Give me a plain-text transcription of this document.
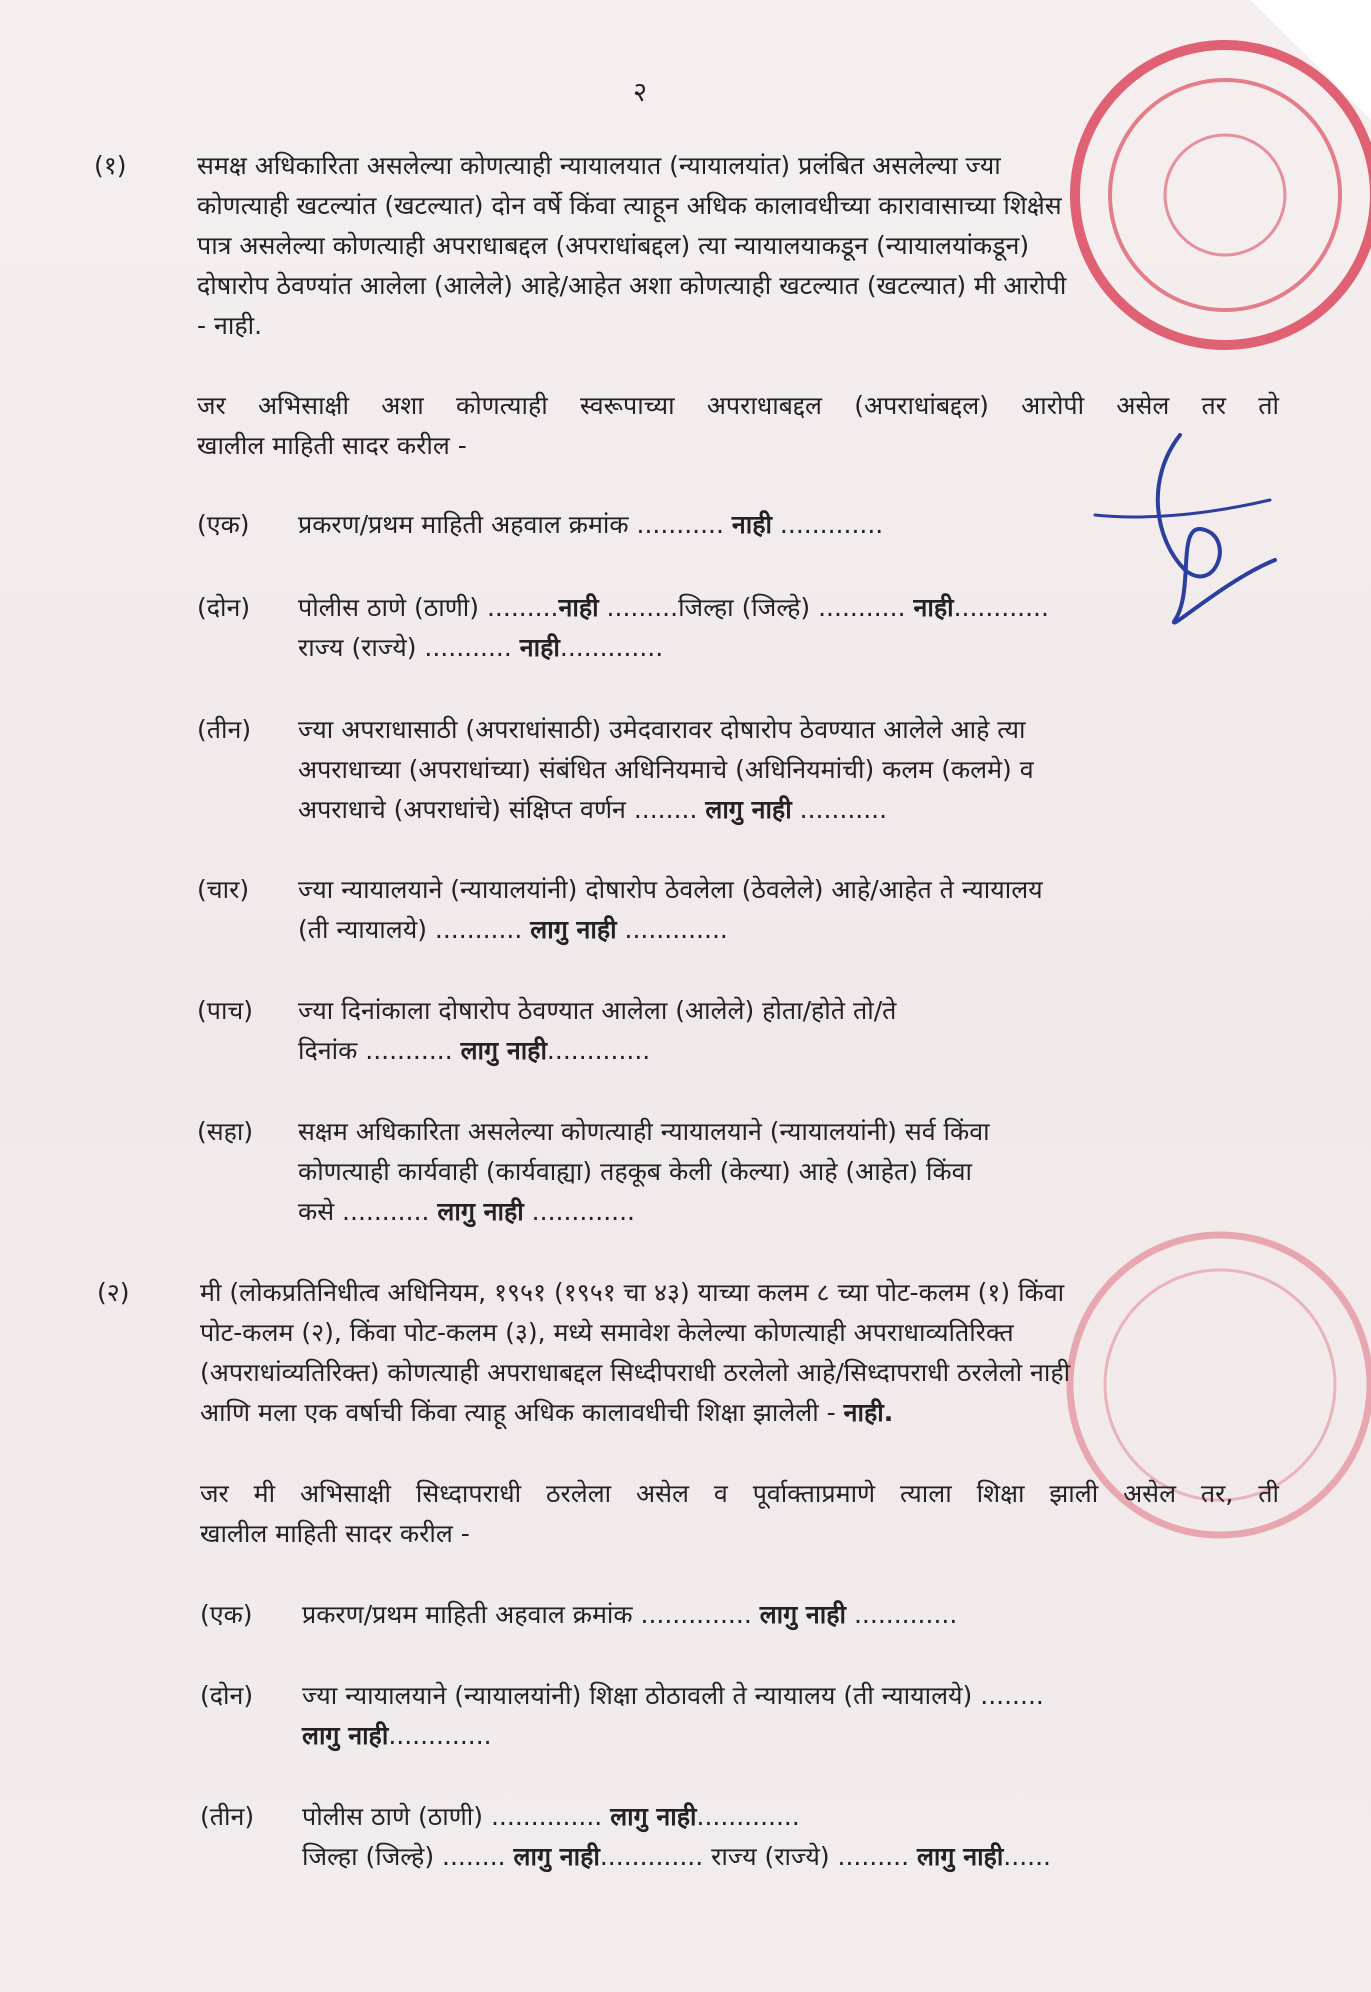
२
(१)	समक्ष अधिकारिता असलेल्या कोणत्याही न्यायालयात (न्यायालयांत) प्रलंबित असलेल्या ज्या
कोणत्याही खटल्यांत (खटल्यात) दोन वर्षे किंवा त्याहून अधिक कालावधीच्या कारावासाच्या शिक्षेस
पात्र असलेल्या कोणत्याही अपराधाबद्दल (अपराधांबद्दल) त्या न्यायालयाकडून (न्यायालयांकडून)
दोषारोप ठेवण्यांत आलेला (आलेले) आहे/आहेत अशा कोणत्याही खटल्यात (खटल्यात) मी आरोपी
- नाही.
जर अभिसाक्षी अशा कोणत्याही स्वरूपाच्या अपराधाबद्दल (अपराधांबद्दल) आरोपी असेल तर तो
खालील माहिती सादर करील -
(एक) प्रकरण/प्रथम माहिती अहवाल क्रमांक ........... नाही .............
(दोन) पोलीस ठाणे (ठाणी) .........नाही .........जिल्हा (जिल्हे) ........... नाही............
राज्य (राज्ये) ........... नाही.............
(तीन) ज्या अपराधासाठी (अपराधांसाठी) उमेदवारावर दोषारोप ठेवण्यात आलेले आहे त्या
अपराधाच्या (अपराधांच्या) संबंधित अधिनियमाचे (अधिनियमांची) कलम (कलमे) व
अपराधाचे (अपराधांचे) संक्षिप्त वर्णन ........ लागु नाही ...........
(चार) ज्या न्यायालयाने (न्यायालयांनी) दोषारोप ठेवलेला (ठेवलेले) आहे/आहेत ते न्यायालय
(ती न्यायालये) ........... लागु नाही .............
(पाच) ज्या दिनांकाला दोषारोप ठेवण्यात आलेला (आलेले) होता/होते तो/ते
दिनांक ........... लागु नाही.............
(सहा) सक्षम अधिकारिता असलेल्या कोणत्याही न्यायालयाने (न्यायालयांनी) सर्व किंवा
कोणत्याही कार्यवाही (कार्यवाह्या) तहकूब केली (केल्या) आहे (आहेत) किंवा
कसे ........... लागु नाही .............
(२)	मी (लोकप्रतिनिधीत्व अधिनियम, १९५१ (१९५१ चा ४३) याच्या कलम ८ च्या पोट-कलम (१) किंवा
पोट-कलम (२), किंवा पोट-कलम (३), मध्ये समावेश केलेल्या कोणत्याही अपराधाव्यतिरिक्त
(अपराधांव्यतिरिक्त) कोणत्याही अपराधाबद्दल सिध्दीपराधी ठरलेलो आहे/सिध्दापराधी ठरलेलो नाही
आणि मला एक वर्षाची किंवा त्याहू अधिक कालावधीची शिक्षा झालेली - नाही.
जर मी अभिसाक्षी सिध्दापराधी ठरलेला असेल व पूर्वाक्ताप्रमाणे त्याला शिक्षा झाली असेल तर, ती
खालील माहिती सादर करील -
(एक) प्रकरण/प्रथम माहिती अहवाल क्रमांक .............. लागु नाही .............
(दोन) ज्या न्यायालयाने (न्यायालयांनी) शिक्षा ठोठावली ते न्यायालय (ती न्यायालये) ........
लागु नाही.............
(तीन) पोलीस ठाणे (ठाणी) .............. लागु नाही.............
जिल्हा (जिल्हे) ........ लागु नाही............. राज्य (राज्ये) ......... लागु नाही......
